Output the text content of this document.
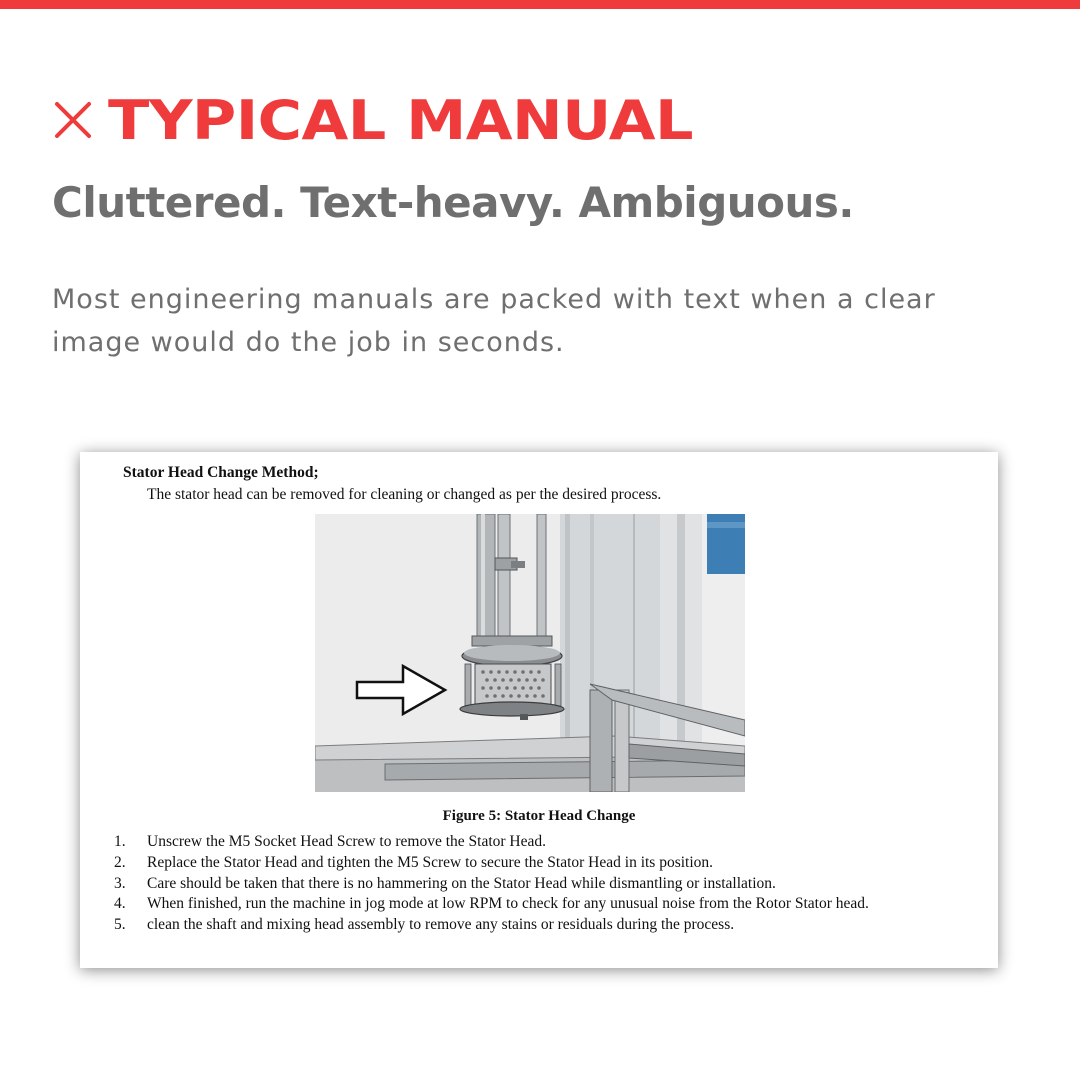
TYPICAL MANUAL
Cluttered. Text-heavy. Ambiguous.
Most engineering manuals are packed with text when a clear image would do the job in seconds.
Stator Head Change Method;
The stator head can be removed for cleaning or changed as per the desired process.
Figure 5: Stator Head Change
1.	Unscrew the M5 Socket Head Screw to remove the Stator Head.
2.	Replace the Stator Head and tighten the M5 Screw to secure the Stator Head in its position.
3.	Care should be taken that there is no hammering on the Stator Head while dismantling or installation.
4.	When finished, run the machine in jog mode at low RPM to check for any unusual noise from the Rotor Stator head.
5.	clean the shaft and mixing head assembly to remove any stains or residuals during the process.
